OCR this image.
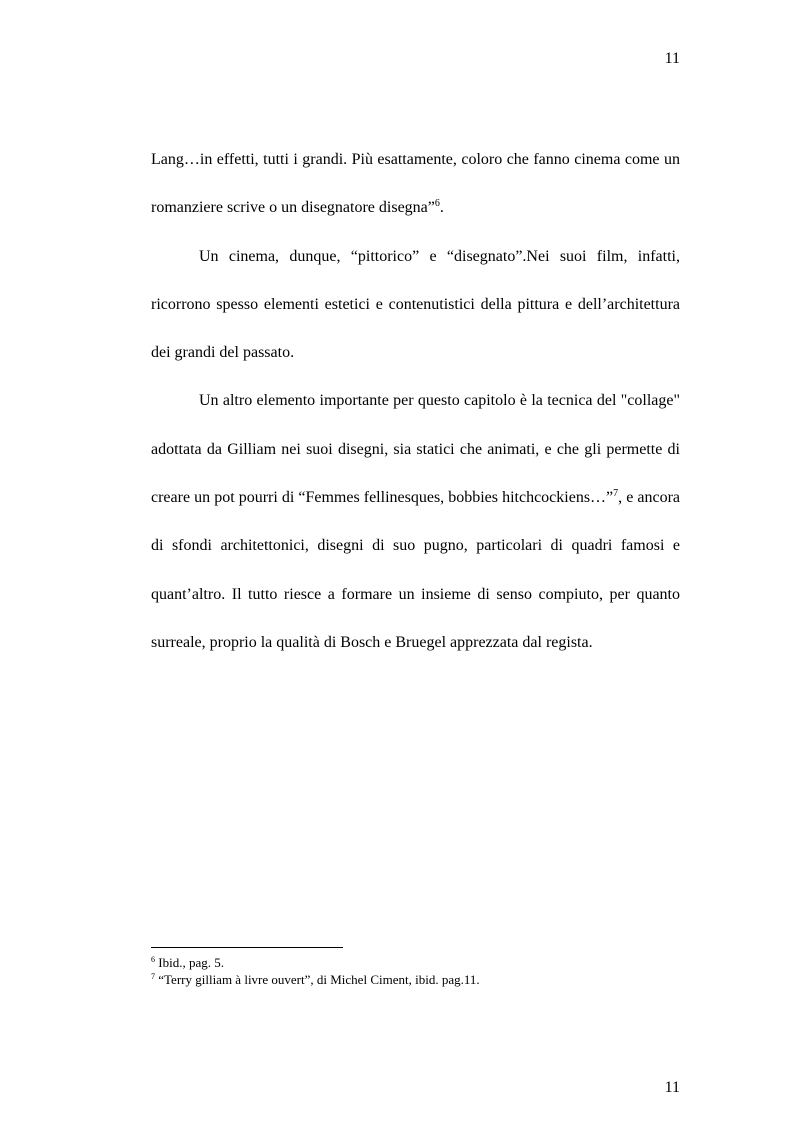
11

Lang…in effetti, tutti i grandi. Più esattamente, coloro che fanno cinema come un romanziere scrive o un disegnatore disegna”$^6$.

Un cinema, dunque, “pittorico” e “disegnato”.Nei suoi film, infatti, ricorrono spesso elementi estetici e contenutistici della pittura e dell’architettura dei grandi del passato.

Un altro elemento importante per questo capitolo è la tecnica del "collage" adottata da Gilliam nei suoi disegni, sia statici che animati, e che gli permette di creare un pot pourri di “Femmes fellinesques, bobbies hitchcockiens…”$^7$, e ancora di sfondi architettonici, disegni di suo pugno, particolari di quadri famosi e quant’altro. Il tutto riesce a formare un insieme di senso compiuto, per quanto surreale, proprio la qualità di Bosch e Bruegel apprezzata dal regista.

$^6$ Ibid., pag. 5.
$^7$ “Terry gilliam à livre ouvert”, di Michel Ciment, ibid. pag.11.
11
